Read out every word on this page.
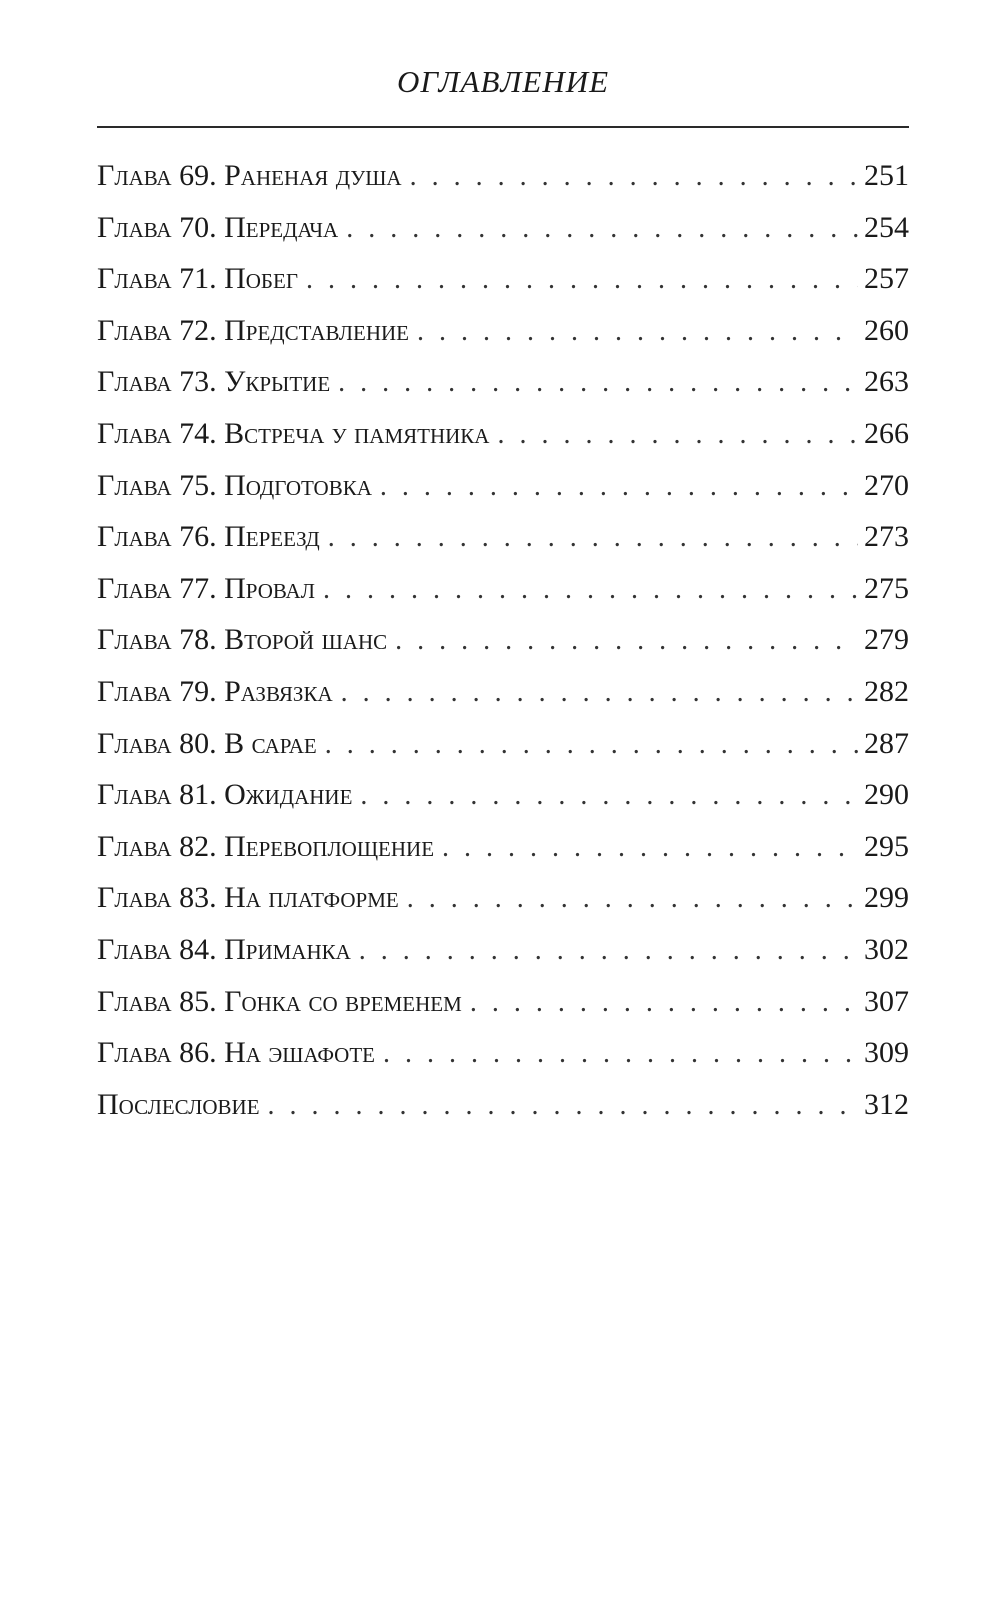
ОГЛАВЛЕНИЕ
Глава 69. Раненая душа . . .	251
Глава 70. Передача . . .	254
Глава 71. Побег . . .	257
Глава 72. Представление . . .	260
Глава 73. Укрытие . . .	263
Глава 74. Встреча у памятника . . .	266
Глава 75. Подготовка . . .	270
Глава 76. Переезд . . .	273
Глава 77. Провал . . .	275
Глава 78. Второй шанс . . .	279
Глава 79. Развязка . . .	282
Глава 80. В сарае . . .	287
Глава 81. Ожидание . . .	290
Глава 82. Перевоплощение . . .	295
Глава 83. На платформе . . .	299
Глава 84. Приманка . . .	302
Глава 85. Гонка со временем . . .	307
Глава 86. На эшафоте . . .	309
Послесловие . . .	312
